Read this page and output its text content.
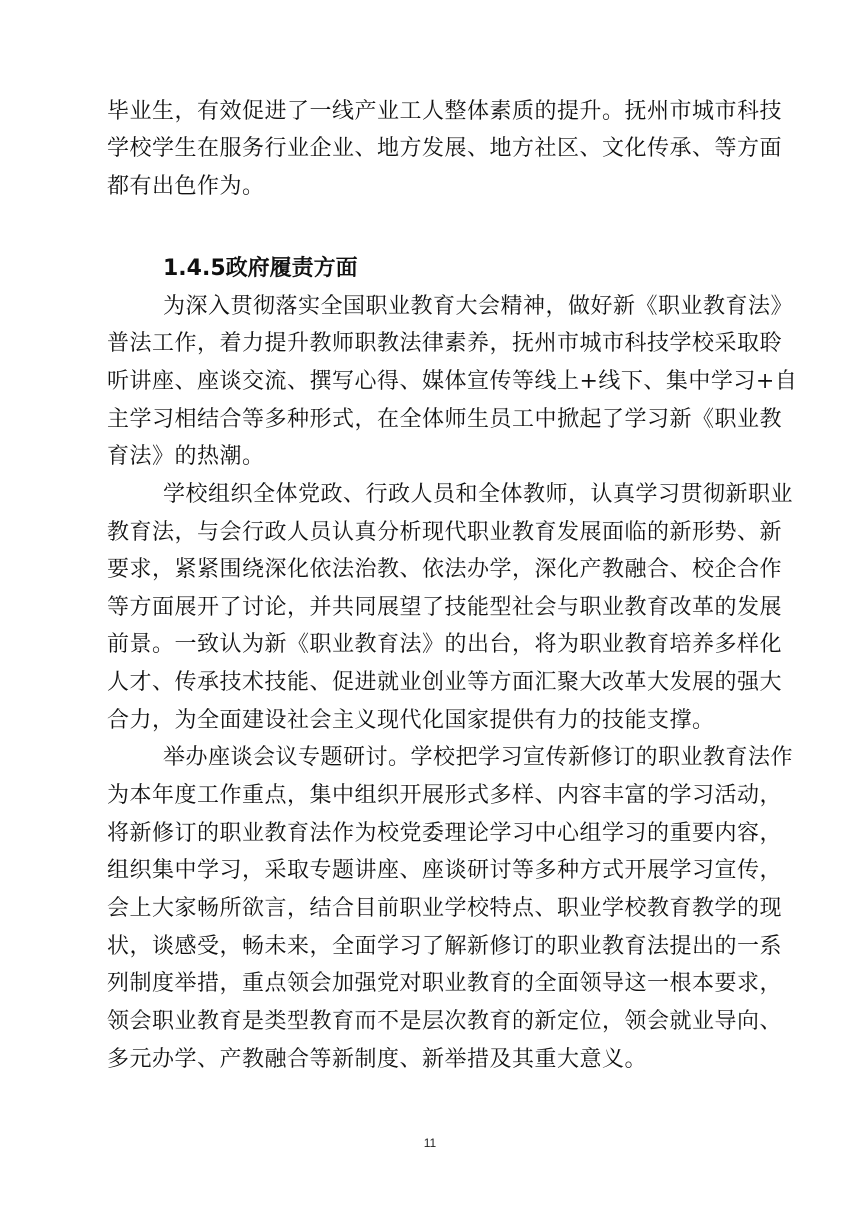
毕业生，有效促进了一线产业工人整体素质的提升。抚州市城市科技
学校学生在服务行业企业、地方发展、地方社区、文化传承、等方面
都有出色作为。
1.4.5政府履责方面
为深入贯彻落实全国职业教育大会精神，做好新《职业教育法》
普法工作，着力提升教师职教法律素养，抚州市城市科技学校采取聆
听讲座、座谈交流、撰写心得、媒体宣传等线上+线下、集中学习+自
主学习相结合等多种形式，在全体师生员工中掀起了学习新《职业教
育法》的热潮。
学校组织全体党政、行政人员和全体教师，认真学习贯彻新职业
教育法，与会行政人员认真分析现代职业教育发展面临的新形势、新
要求，紧紧围绕深化依法治教、依法办学，深化产教融合、校企合作
等方面展开了讨论，并共同展望了技能型社会与职业教育改革的发展
前景。一致认为新《职业教育法》的出台，将为职业教育培养多样化
人才、传承技术技能、促进就业创业等方面汇聚大改革大发展的强大
合力，为全面建设社会主义现代化国家提供有力的技能支撑。
举办座谈会议专题研讨。学校把学习宣传新修订的职业教育法作
为本年度工作重点，集中组织开展形式多样、内容丰富的学习活动，
将新修订的职业教育法作为校党委理论学习中心组学习的重要内容，
组织集中学习，采取专题讲座、座谈研讨等多种方式开展学习宣传，
会上大家畅所欲言，结合目前职业学校特点、职业学校教育教学的现
状，谈感受，畅未来，全面学习了解新修订的职业教育法提出的一系
列制度举措，重点领会加强党对职业教育的全面领导这一根本要求，
领会职业教育是类型教育而不是层次教育的新定位，领会就业导向、
多元办学、产教融合等新制度、新举措及其重大意义。
11
